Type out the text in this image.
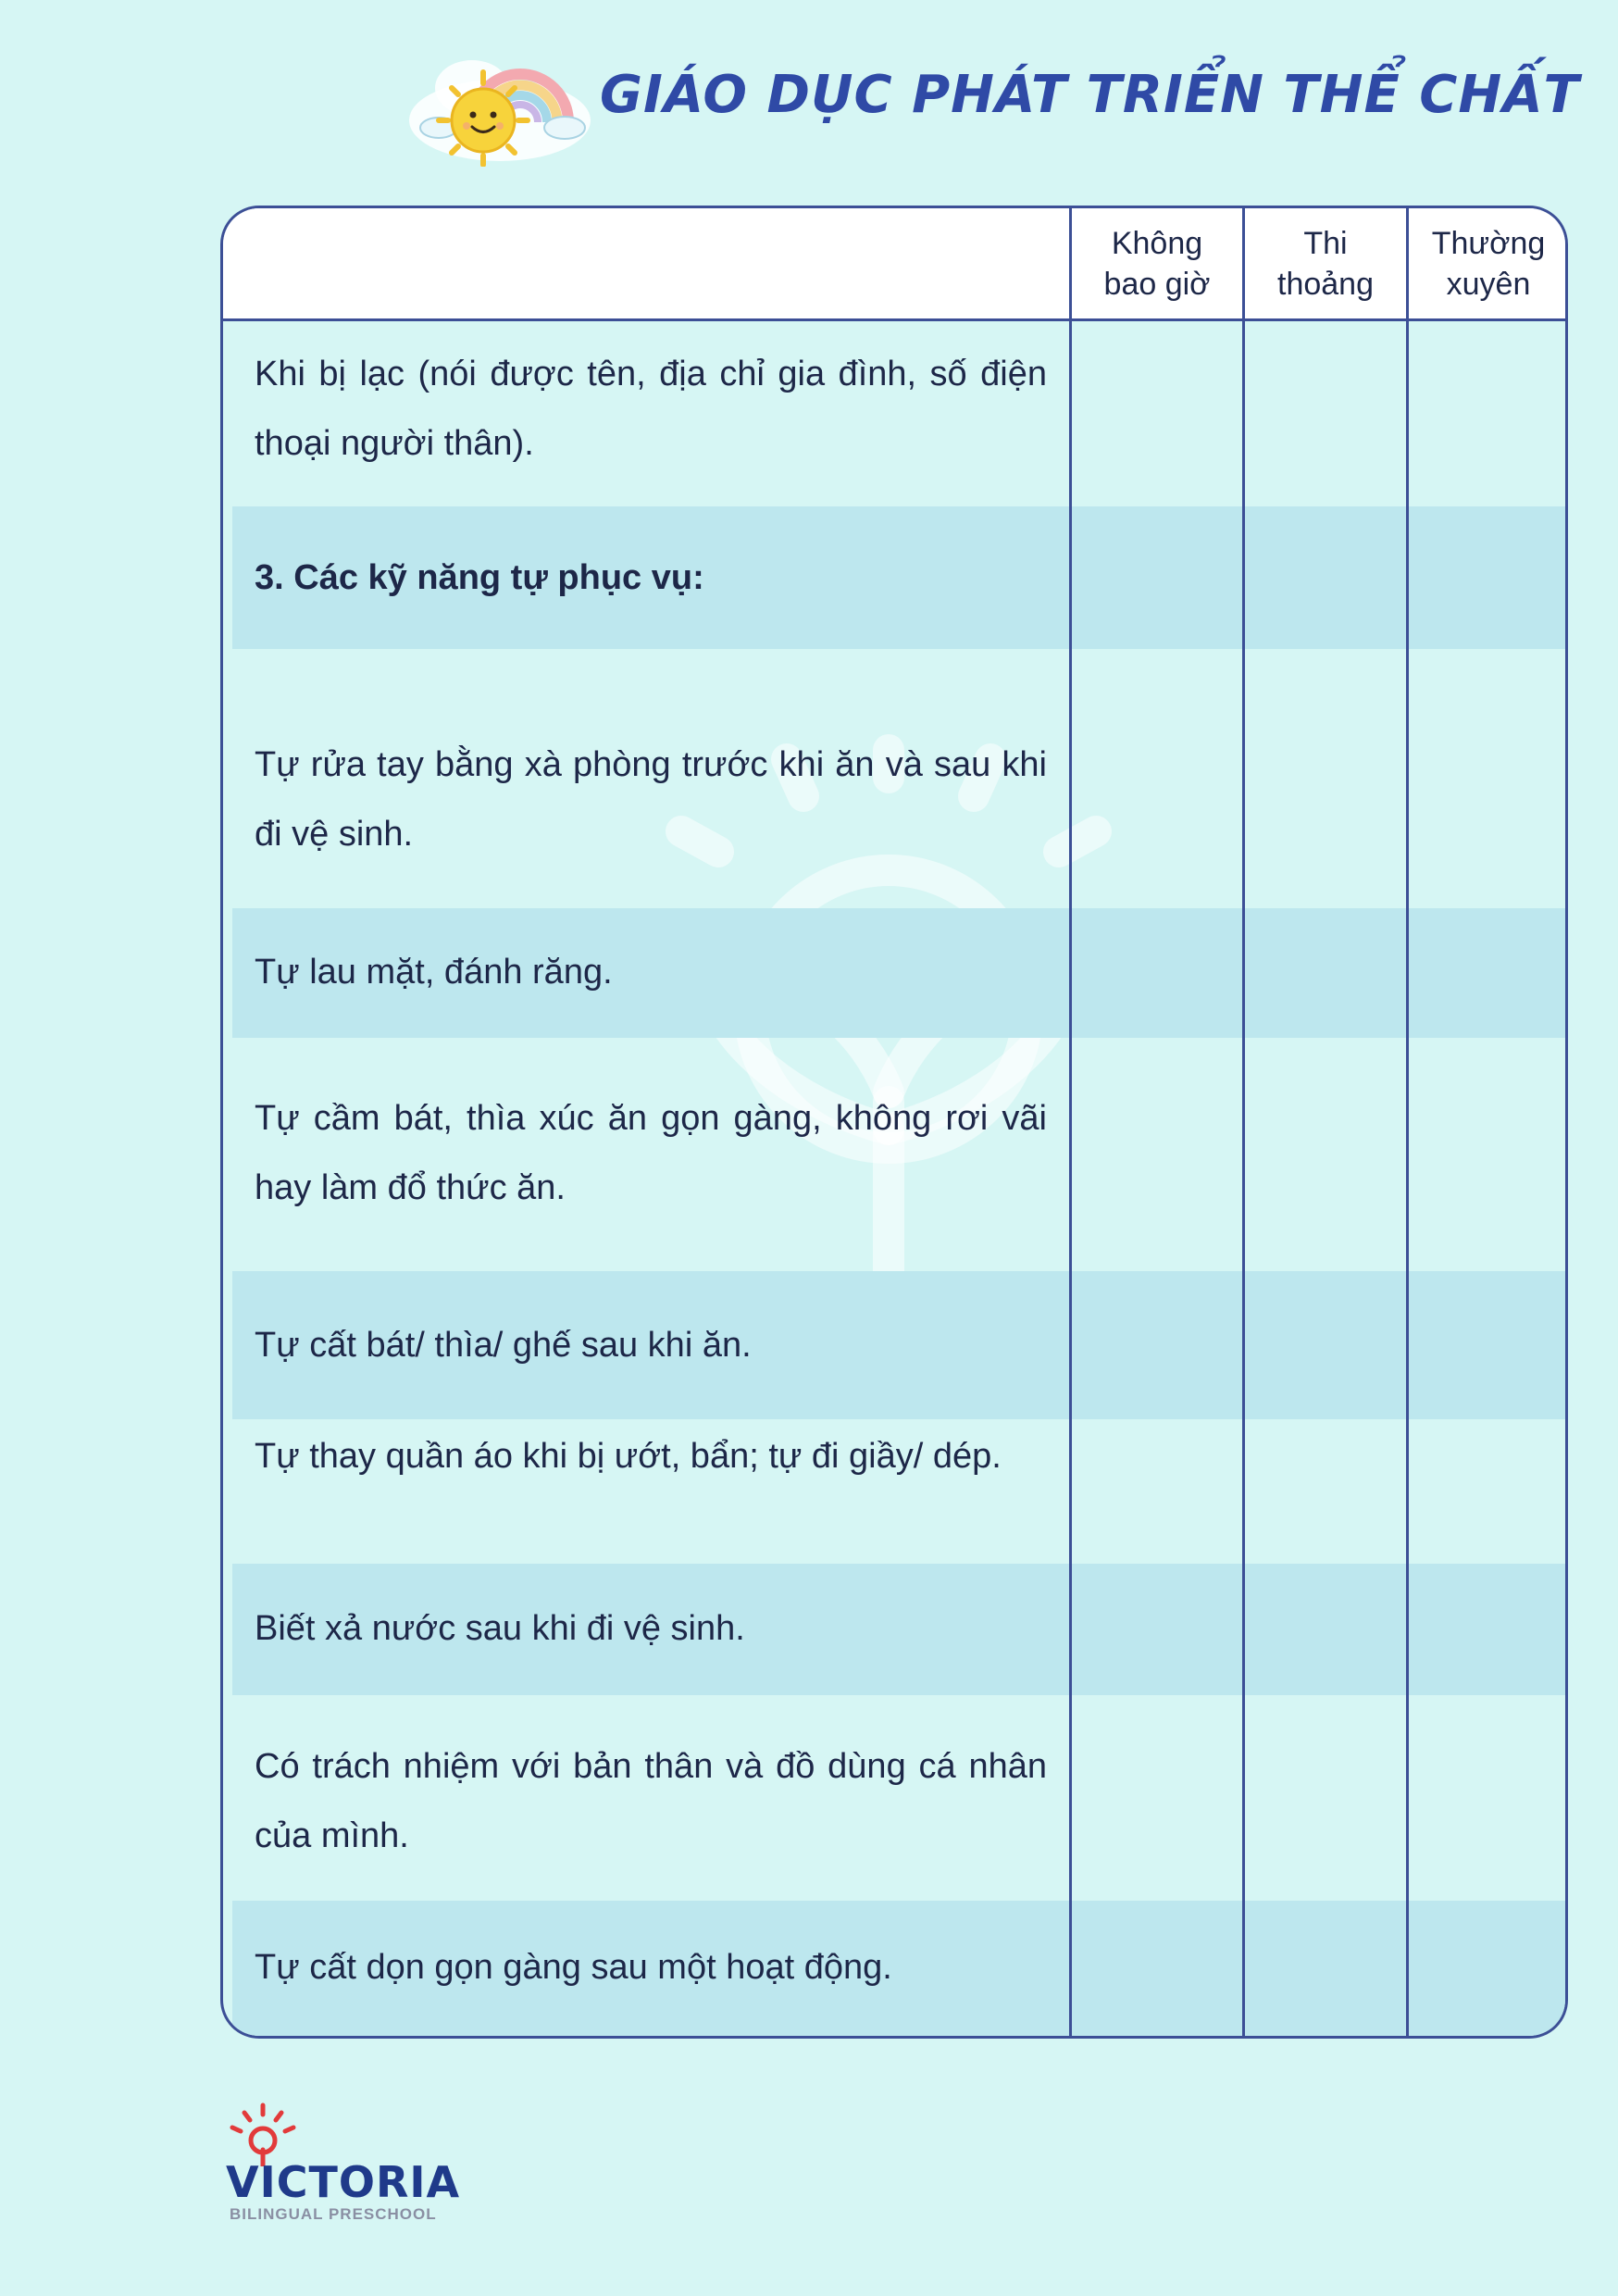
GIÁO DỤC PHÁT TRIỂN THỂ CHẤT
Khi bị lạc (nói được tên, địa chỉ gia đình, số điện thoại người thân).
3. Các kỹ năng tự phục vụ:
Tự rửa tay bằng xà phòng trước khi ăn và sau khi đi vệ sinh.
Tự lau mặt, đánh răng.
Tự cầm bát, thìa xúc ăn gọn gàng, không rơi vãi hay làm đổ thức ăn.
Tự cất bát/ thìa/ ghế sau khi ăn.
Tự thay quần áo khi bị ướt, bẩn; tự đi giầy/ dép.
Biết xả nước sau khi đi vệ sinh.
Có trách nhiệm với bản thân và đồ dùng cá nhân của mình.
Tự cất dọn gọn gàng sau một hoạt động.
Không
bao giờ
Thi
thoảng
Thường
xuyên
VICTORIA
BILINGUAL PRESCHOOL
